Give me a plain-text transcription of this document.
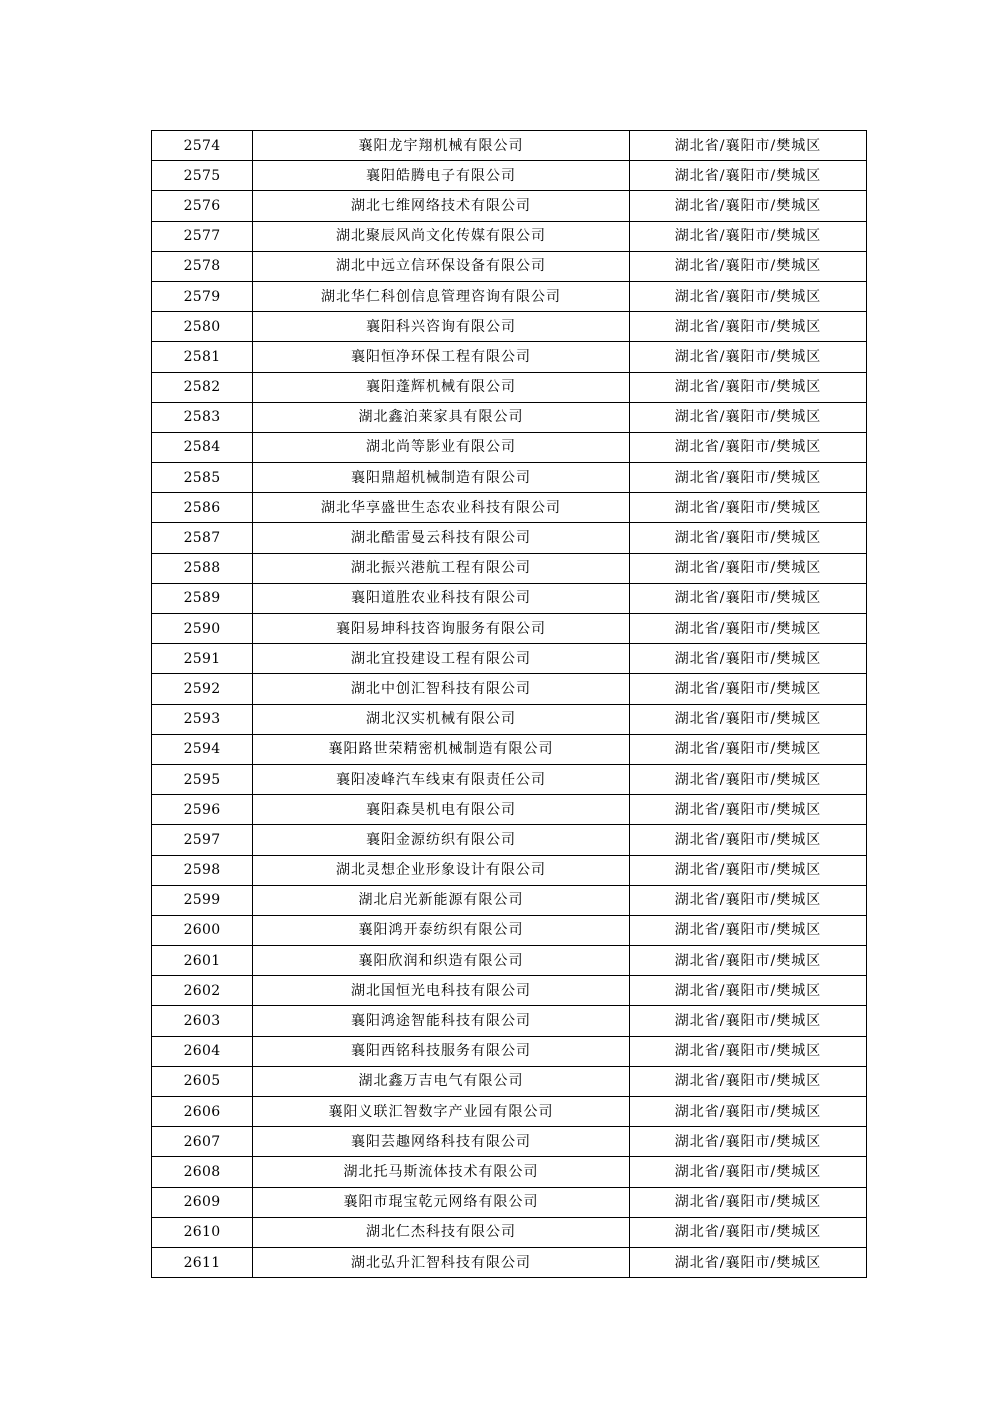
2574	襄阳龙宇翔机械有限公司	湖北省/襄阳市/樊城区
2575	襄阳皓腾电子有限公司	湖北省/襄阳市/樊城区
2576	湖北七维网络技术有限公司	湖北省/襄阳市/樊城区
2577	湖北聚辰风尚文化传媒有限公司	湖北省/襄阳市/樊城区
2578	湖北中远立信环保设备有限公司	湖北省/襄阳市/樊城区
2579	湖北华仁科创信息管理咨询有限公司	湖北省/襄阳市/樊城区
2580	襄阳科兴咨询有限公司	湖北省/襄阳市/樊城区
2581	襄阳恒净环保工程有限公司	湖北省/襄阳市/樊城区
2582	襄阳蓬辉机械有限公司	湖北省/襄阳市/樊城区
2583	湖北鑫泊莱家具有限公司	湖北省/襄阳市/樊城区
2584	湖北尚等影业有限公司	湖北省/襄阳市/樊城区
2585	襄阳鼎超机械制造有限公司	湖北省/襄阳市/樊城区
2586	湖北华享盛世生态农业科技有限公司	湖北省/襄阳市/樊城区
2587	湖北酷雷曼云科技有限公司	湖北省/襄阳市/樊城区
2588	湖北振兴港航工程有限公司	湖北省/襄阳市/樊城区
2589	襄阳道胜农业科技有限公司	湖北省/襄阳市/樊城区
2590	襄阳易坤科技咨询服务有限公司	湖北省/襄阳市/樊城区
2591	湖北宜投建设工程有限公司	湖北省/襄阳市/樊城区
2592	湖北中创汇智科技有限公司	湖北省/襄阳市/樊城区
2593	湖北汉实机械有限公司	湖北省/襄阳市/樊城区
2594	襄阳路世荣精密机械制造有限公司	湖北省/襄阳市/樊城区
2595	襄阳凌峰汽车线束有限责任公司	湖北省/襄阳市/樊城区
2596	襄阳森昊机电有限公司	湖北省/襄阳市/樊城区
2597	襄阳金源纺织有限公司	湖北省/襄阳市/樊城区
2598	湖北灵想企业形象设计有限公司	湖北省/襄阳市/樊城区
2599	湖北启光新能源有限公司	湖北省/襄阳市/樊城区
2600	襄阳鸿开泰纺织有限公司	湖北省/襄阳市/樊城区
2601	襄阳欣润和织造有限公司	湖北省/襄阳市/樊城区
2602	湖北国恒光电科技有限公司	湖北省/襄阳市/樊城区
2603	襄阳鸿途智能科技有限公司	湖北省/襄阳市/樊城区
2604	襄阳西铭科技服务有限公司	湖北省/襄阳市/樊城区
2605	湖北鑫万吉电气有限公司	湖北省/襄阳市/樊城区
2606	襄阳义联汇智数字产业园有限公司	湖北省/襄阳市/樊城区
2607	襄阳芸趣网络科技有限公司	湖北省/襄阳市/樊城区
2608	湖北托马斯流体技术有限公司	湖北省/襄阳市/樊城区
2609	襄阳市琨宝乾元网络有限公司	湖北省/襄阳市/樊城区
2610	湖北仁杰科技有限公司	湖北省/襄阳市/樊城区
2611	湖北弘升汇智科技有限公司	湖北省/襄阳市/樊城区
